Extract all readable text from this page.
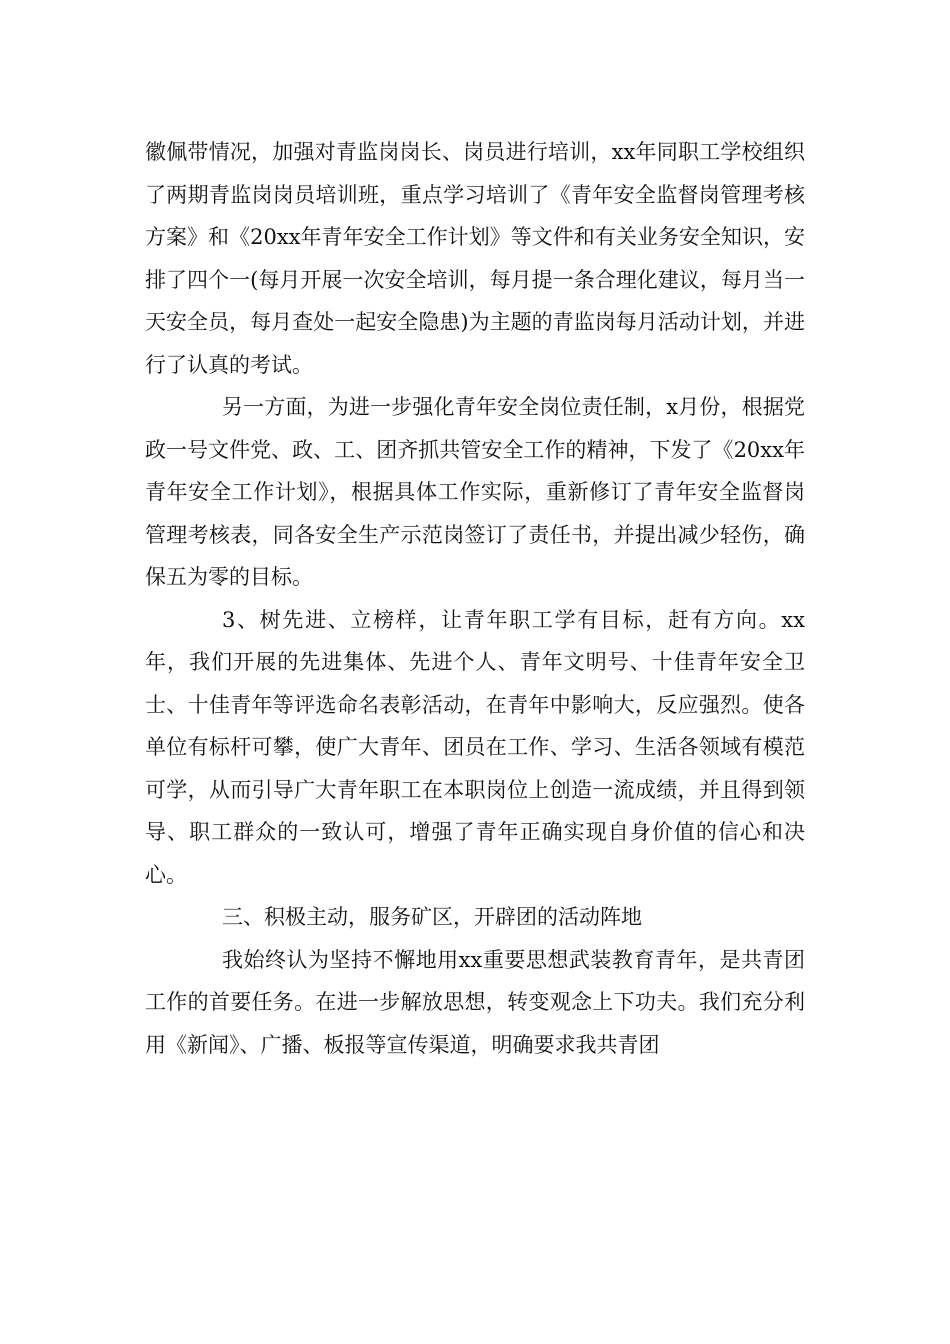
徽佩带情况，加强对青监岗岗长、岗员进行培训，xx年同职工学校组织了两期青监岗岗员培训班，重点学习培训了《青年安全监督岗管理考核方案》和《20xx年青年安全工作计划》等文件和有关业务安全知识，安排了四个一(每月开展一次安全培训，每月提一条合理化建议，每月当一天安全员，每月查处一起安全隐患)为主题的青监岗每月活动计划，并进行了认真的考试。

另一方面，为进一步强化青年安全岗位责任制，x月份，根据党政一号文件党、政、工、团齐抓共管安全工作的精神，下发了《20xx年青年安全工作计划》，根据具体工作实际，重新修订了青年安全监督岗管理考核表，同各安全生产示范岗签订了责任书，并提出减少轻伤，确保五为零的目标。

3、树先进、立榜样，让青年职工学有目标，赶有方向。xx年，我们开展的先进集体、先进个人、青年文明号、十佳青年安全卫士、十佳青年等评选命名表彰活动，在青年中影响大，反应强烈。使各单位有标杆可攀，使广大青年、团员在工作、学习、生活各领域有模范可学，从而引导广大青年职工在本职岗位上创造一流成绩，并且得到领导、职工群众的一致认可，增强了青年正确实现自身价值的信心和决心。

三、积极主动，服务矿区，开辟团的活动阵地

我始终认为坚持不懈地用xx重要思想武装教育青年，是共青团工作的首要任务。在进一步解放思想，转变观念上下功夫。我们充分利用《新闻》、广播、板报等宣传渠道，明确要求我共青团
